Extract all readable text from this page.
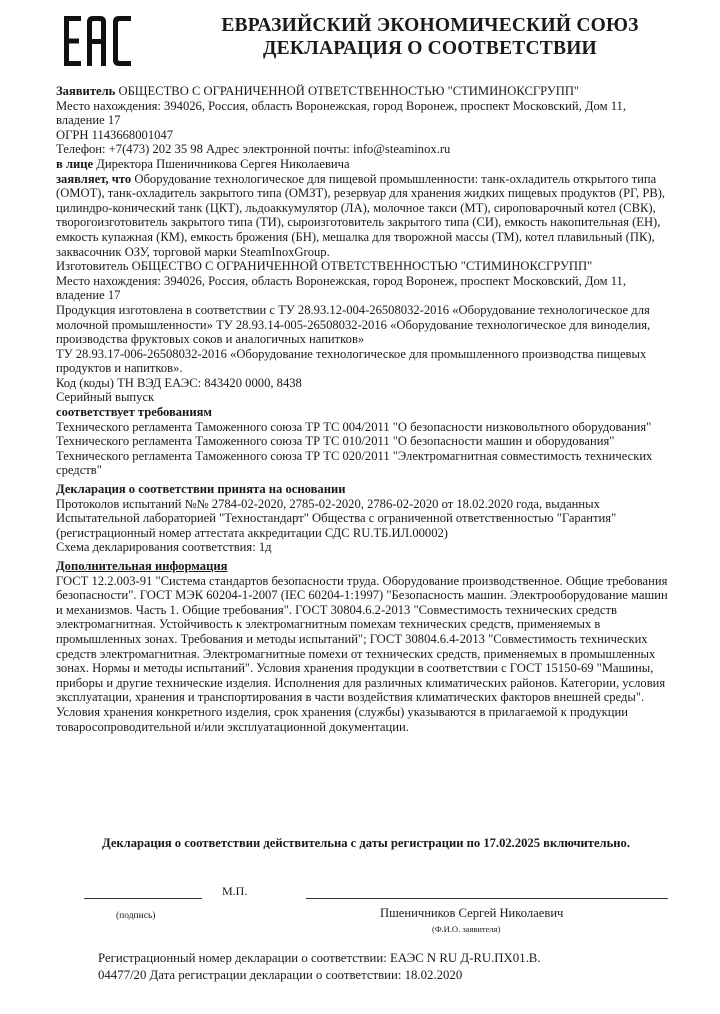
ЕВРАЗИЙСКИЙ ЭКОНОМИЧЕСКИЙ СОЮЗ
ДЕКЛАРАЦИЯ О СООТВЕТСТВИИ

Заявитель ОБЩЕСТВО С ОГРАНИЧЕННОЙ ОТВЕТСТВЕННОСТЬЮ "СТИМИНОКСГРУПП"

Место нахождения: 394026, Россия, область Воронежская, город Воронеж, проспект Московский, Дом 11, владение 17

ОГРН 1143668001047

Телефон: +7(473) 202 35 98 Адрес электронной почты: info@steaminox.ru

в лице Директора Пшеничникова Сергея Николаевича

заявляет, что Оборудование технологическое для пищевой промышленности: танк-охладитель открытого типа (ОМОТ), танк-охладитель закрытого типа (ОМЗТ), резервуар для хранения жидких пищевых продуктов (РГ, РВ), цилиндро-конический танк (ЦКТ), льдоаккумулятор (ЛА), молочное такси (МТ), сироповарочный котел (СВК), творогоизготовитель закрытого типа (ТИ), сыроизготовитель закрытого типа (СИ), емкость накопительная (ЕН), емкость купажная (КМ), емкость брожения (БН), мешалка для творожной массы (ТМ), котел плавильный (ПК), заквасочник ОЗУ, торговой марки SteamInoxGroup.

Изготовитель ОБЩЕСТВО С ОГРАНИЧЕННОЙ ОТВЕТСТВЕННОСТЬЮ "СТИМИНОКСГРУПП"

Место нахождения: 394026, Россия, область Воронежская, город Воронеж, проспект Московский, Дом 11, владение 17

Продукция изготовлена в соответствии с ТУ 28.93.12-004-26508032-2016 «Оборудование технологическое для молочной промышленности» ТУ 28.93.14-005-26508032-2016 «Оборудование технологическое для виноделия, производства фруктовых соков и аналогичных напитков»

ТУ 28.93.17-006-26508032-2016 «Оборудование технологическое для промышленного производства пищевых продуктов и напитков».

Код (коды) ТН ВЭД ЕАЭС: 843420 0000, 8438

Серийный выпуск

соответствует требованиям

Технического регламента Таможенного союза ТР ТС 004/2011 "О безопасности низковольтного оборудования"

Технического регламента Таможенного союза ТР ТС 010/2011 "О безопасности машин и оборудования"

Технического регламента Таможенного союза ТР ТС 020/2011 "Электромагнитная совместимость технических средств"

Декларация о соответствии принята на основании

Протоколов испытаний №№ 2784-02-2020, 2785-02-2020, 2786-02-2020 от 18.02.2020 года, выданных Испытательной лабораторией "Техностандарт" Общества с ограниченной ответственностью "Гарантия" (регистрационный номер аттестата аккредитации СДС RU.ТБ.ИЛ.00002)

Схема декларирования соответствия: 1д

Дополнительная информация

ГОСТ 12.2.003-91 "Система стандартов безопасности труда. Оборудование производственное. Общие требования безопасности". ГОСТ МЭК 60204-1-2007 (IEC 60204-1:1997) "Безопасность машин. Электрооборудование машин и механизмов. Часть 1. Общие требования". ГОСТ 30804.6.2-2013 "Совместимость технических средств электромагнитная. Устойчивость к электромагнитным помехам технических средств, применяемых в промышленных зонах. Требования и методы испытаний"; ГОСТ 30804.6.4-2013 "Совместимость технических средств электромагнитная. Электромагнитные помехи от технических средств, применяемых в промышленных зонах. Нормы и методы испытаний". Условия хранения продукции в соответствии с ГОСТ 15150-69 "Машины, приборы и другие технические изделия. Исполнения для различных климатических районов. Категории, условия эксплуатации, хранения и транспортирования в части воздействия климатических факторов внешней среды". Условия хранения конкретного изделия, срок хранения (службы) указываются в прилагаемой к продукции товаросопроводительной и/или эксплуатационной документации.

Декларация о соответствии действительна с даты регистрации по 17.02.2025 включительно.
М.П.
(подпись)	Пшеничников Сергей Николаевич
(Ф.И.О. заявителя)
Регистрационный номер декларации о соответствии: ЕАЭС N RU Д-RU.ПХ01.В.
04477/20 Дата регистрации декларации о соответствии: 18.02.2020
